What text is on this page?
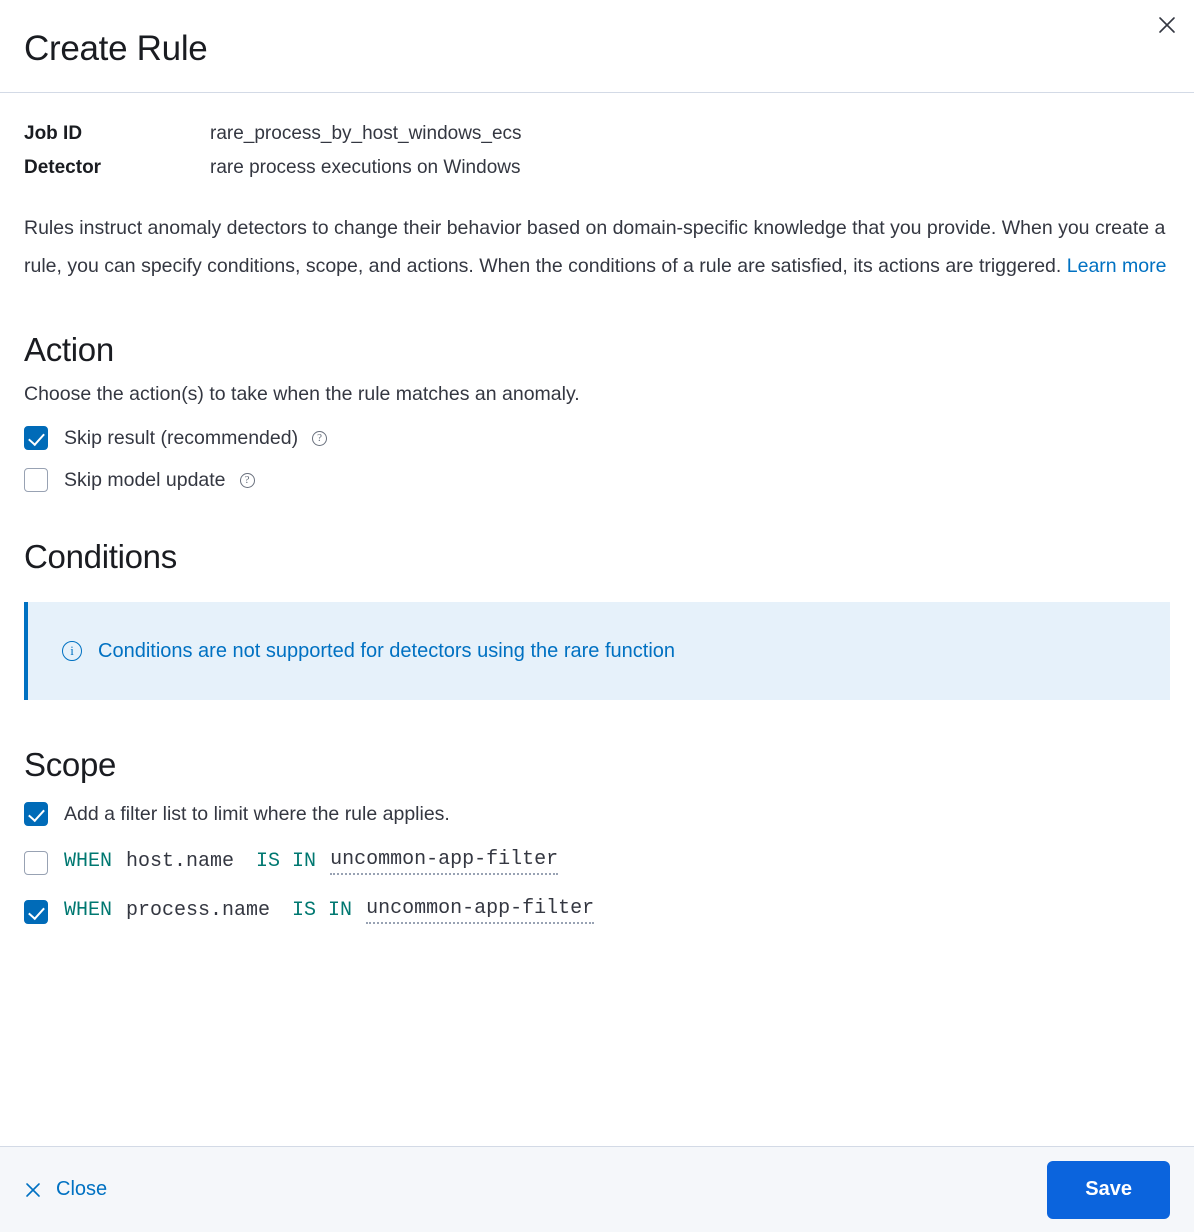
Create Rule
Job ID	rare_process_by_host_windows_ecs
Detector	rare process executions on Windows

Rules instruct anomaly detectors to change their behavior based on domain-specific knowledge that you provide. When you create a rule, you can specify conditions, scope, and actions. When the conditions of a rule are satisfied, its actions are triggered. Learn more

Action

Choose the action(s) to take when the rule matches an anomaly.

Skip result (recommended)	?
Skip model update	?
Conditions
i	Conditions are not supported for detectors using the rare function
Scope
Add a filter list to limit where the rule applies.
WHEN host.name IS IN uncommon-app-filter
WHEN process.name IS IN uncommon-app-filter
Close	Save
